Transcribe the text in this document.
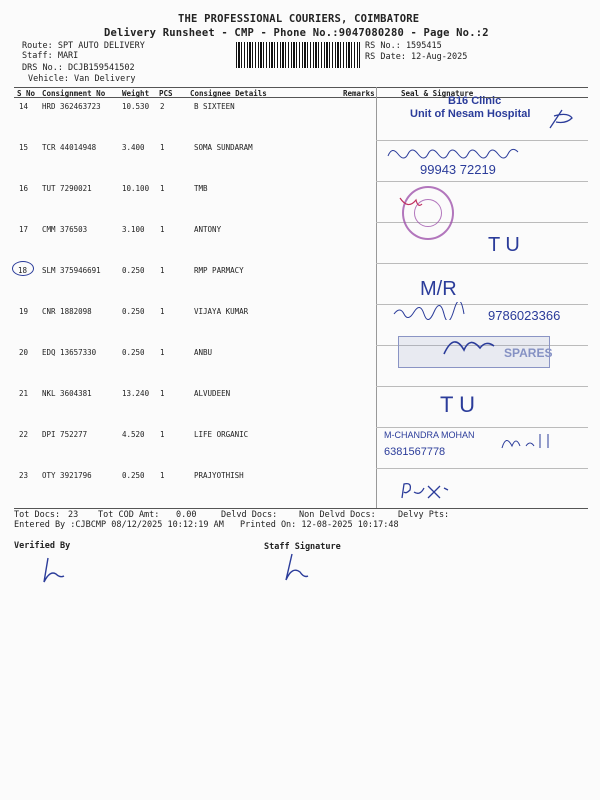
THE PROFESSIONAL COURIERS, COIMBATORE
Delivery Runsheet - CMP - Phone No.:9047080280 - Page No.:2
Route: SPT AUTO DELIVERY
Staff: MARI
DRS No.: DCJB159541502
Vehicle: Van Delivery
RS No.: 1595415
RS Date: 12-Aug-2025
S No Consignment No Weight PCS Consignee Details	Remarks	Seal & Signature
14 HRD 362463723	10.530 2	B SIXTEEN
15 TCR 44014948	3.400 1	SOMA SUNDARAM
16 TUT 7290021	10.100 1	TMB
17 CMM 376503	3.100 1	ANTONY
18 SLM 375946691	0.250 1	RMP PARMACY
19 CNR 1882098	0.250 1	VIJAYA KUMAR
20 EDQ 13657330	0.250 1	ANBU
21 NKL 3604381	13.240 1	ALVUDEEN
22 DPI 752277	4.520 1	LIFE ORGANIC
23 OTY 3921796	0.250 1	PRAJYOTHISH
B16 Clinic
Unit of Nesam Hospital
99943 72219
T U
M/R
9786023366
SPARES
T U
M-CHANDRA MOHAN
6381567778
Tot Docs: 23 Tot COD Amt: 0.00	Delvd Docs:	Non Delvd Docs:	Delvy Pts:
Entered By :CJBCMP 08/12/2025 10:12:19 AM Printed On: 12-08-2025 10:17:48
Verified By	Staff Signature
